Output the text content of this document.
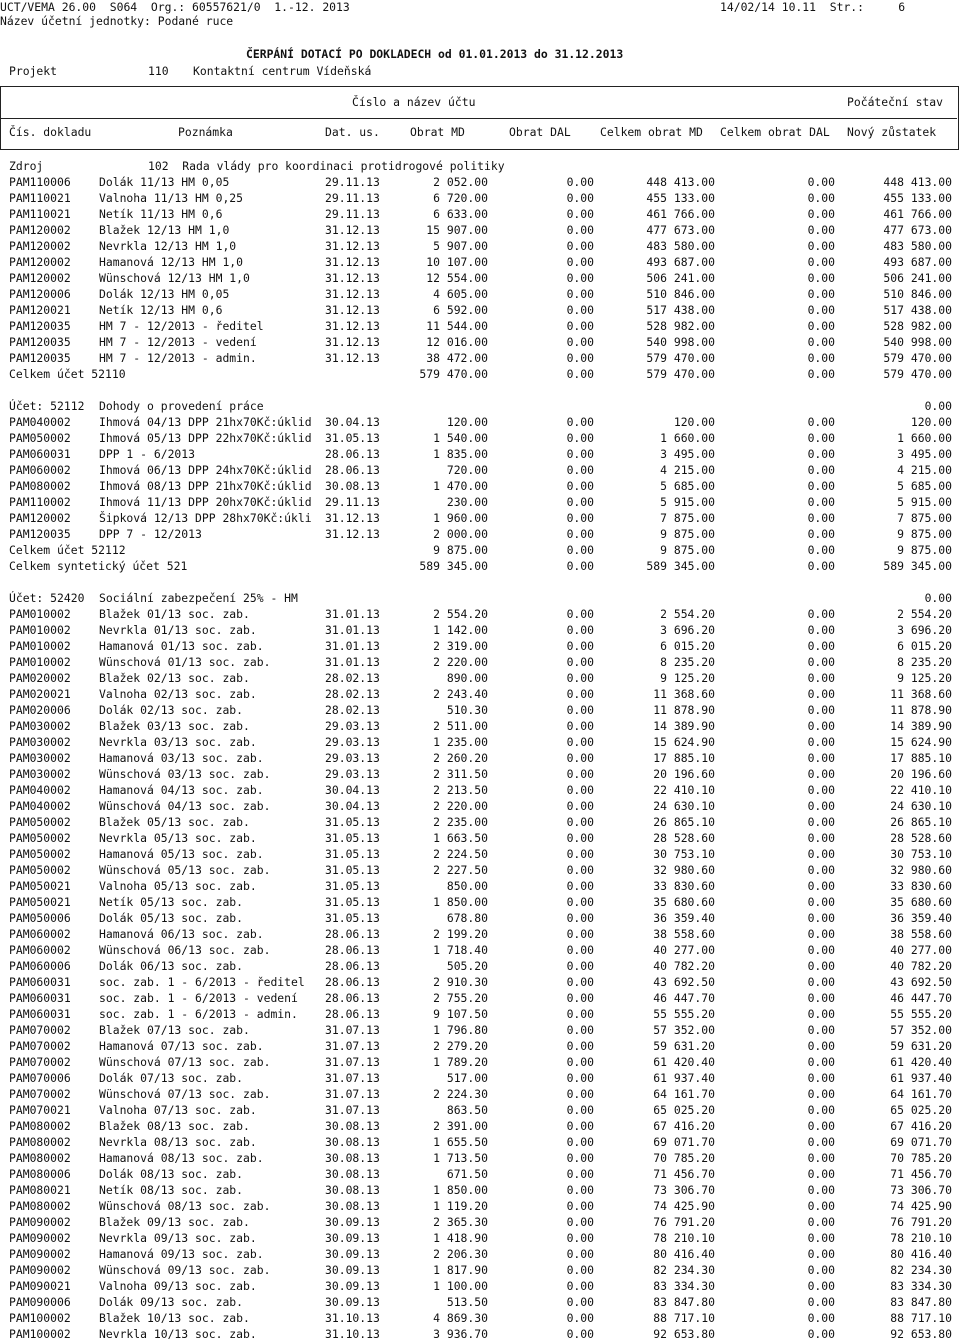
UCT/VEMA 26.00  S064  Org.: 60557621/0  1.-12. 2013	14/02/14 10.11  Str.:     6
Název účetní jednotky: Podané ruce
ČERPÁNÍ DOTACÍ PO DOKLADECH od 01.01.2013 do 31.12.2013
Projekt	110 Kontaktní centrum Vídeňská
Číslo a název účtu	Počáteční stav
Čís. dokladu	Poznámka	Dat. us.	Obrat MD	Obrat DAL	Celkem obrat MD Celkem obrat DAL Nový zůstatek
Zdroj	102  Rada vlády pro koordinaci protidrogové politiky
PAM110006 Dolák 11/13 HM 0,05	29.11.13	2 052.00	0.00	448 413.00	0.00	448 413.00
PAM110021 Valnoha 11/13 HM 0,25	29.11.13	6 720.00	0.00	455 133.00	0.00	455 133.00
PAM110021 Netík 11/13 HM 0,6	29.11.13	6 633.00	0.00	461 766.00	0.00	461 766.00
PAM120002 Blažek 12/13 HM 1,0	31.12.13	15 907.00	0.00	477 673.00	0.00	477 673.00
PAM120002 Nevrkla 12/13 HM 1,0	31.12.13	5 907.00	0.00	483 580.00	0.00	483 580.00
PAM120002 Hamanová 12/13 HM 1,0	31.12.13	10 107.00	0.00	493 687.00	0.00	493 687.00
PAM120002 Wünschová 12/13 HM 1,0	31.12.13	12 554.00	0.00	506 241.00	0.00	506 241.00
PAM120006 Dolák 12/13 HM 0,05	31.12.13	4 605.00	0.00	510 846.00	0.00	510 846.00
PAM120021 Netík 12/13 HM 0,6	31.12.13	6 592.00	0.00	517 438.00	0.00	517 438.00
PAM120035 HM 7 - 12/2013 - ředitel	31.12.13	11 544.00	0.00	528 982.00	0.00	528 982.00
PAM120035 HM 7 - 12/2013 - vedení	31.12.13	12 016.00	0.00	540 998.00	0.00	540 998.00
PAM120035 HM 7 - 12/2013 - admin.	31.12.13	38 472.00	0.00	579 470.00	0.00	579 470.00
Celkem účet 52110	579 470.00	0.00	579 470.00	0.00	579 470.00
Účet: 52112 Dohody o provedení práce	0.00
PAM040002 Ihmová 04/13 DPP 21hx70Kč:úklid 30.04.13	120.00	0.00	120.00	0.00	120.00
PAM050002 Ihmová 05/13 DPP 22hx70Kč:úklid 31.05.13	1 540.00	0.00	1 660.00	0.00	1 660.00
PAM060031 DPP 1 - 6/2013	28.06.13	1 835.00	0.00	3 495.00	0.00	3 495.00
PAM060002 Ihmová 06/13 DPP 24hx70Kč:úklid 28.06.13	720.00	0.00	4 215.00	0.00	4 215.00
PAM080002 Ihmová 08/13 DPP 21hx70Kč:úklid 30.08.13	1 470.00	0.00	5 685.00	0.00	5 685.00
PAM110002 Ihmová 11/13 DPP 20hx70Kč:úklid 29.11.13	230.00	0.00	5 915.00	0.00	5 915.00
PAM120002 Šipková 12/13 DPP 28hx70Kč:úkli 31.12.13	1 960.00	0.00	7 875.00	0.00	7 875.00
PAM120035 DPP 7 - 12/2013	31.12.13	2 000.00	0.00	9 875.00	0.00	9 875.00
Celkem účet 52112	9 875.00	0.00	9 875.00	0.00	9 875.00
Celkem syntetický účet 521	589 345.00	0.00	589 345.00	0.00	589 345.00
Účet: 52420 Sociální zabezpečení 25% - HM	0.00
PAM010002 Blažek 01/13 soc. zab.	31.01.13	2 554.20	0.00	2 554.20	0.00	2 554.20
PAM010002 Nevrkla 01/13 soc. zab.	31.01.13	1 142.00	0.00	3 696.20	0.00	3 696.20
PAM010002 Hamanová 01/13 soc. zab.	31.01.13	2 319.00	0.00	6 015.20	0.00	6 015.20
PAM010002 Wünschová 01/13 soc. zab.	31.01.13	2 220.00	0.00	8 235.20	0.00	8 235.20
PAM020002 Blažek 02/13 soc. zab.	28.02.13	890.00	0.00	9 125.20	0.00	9 125.20
PAM020021 Valnoha 02/13 soc. zab.	28.02.13	2 243.40	0.00	11 368.60	0.00	11 368.60
PAM020006 Dolák 02/13 soc. zab.	28.02.13	510.30	0.00	11 878.90	0.00	11 878.90
PAM030002 Blažek 03/13 soc. zab.	29.03.13	2 511.00	0.00	14 389.90	0.00	14 389.90
PAM030002 Nevrkla 03/13 soc. zab.	29.03.13	1 235.00	0.00	15 624.90	0.00	15 624.90
PAM030002 Hamanová 03/13 soc. zab.	29.03.13	2 260.20	0.00	17 885.10	0.00	17 885.10
PAM030002 Wünschová 03/13 soc. zab.	29.03.13	2 311.50	0.00	20 196.60	0.00	20 196.60
PAM040002 Hamanová 04/13 soc. zab.	30.04.13	2 213.50	0.00	22 410.10	0.00	22 410.10
PAM040002 Wünschová 04/13 soc. zab.	30.04.13	2 220.00	0.00	24 630.10	0.00	24 630.10
PAM050002 Blažek 05/13 soc. zab.	31.05.13	2 235.00	0.00	26 865.10	0.00	26 865.10
PAM050002 Nevrkla 05/13 soc. zab.	31.05.13	1 663.50	0.00	28 528.60	0.00	28 528.60
PAM050002 Hamanová 05/13 soc. zab.	31.05.13	2 224.50	0.00	30 753.10	0.00	30 753.10
PAM050002 Wünschová 05/13 soc. zab.	31.05.13	2 227.50	0.00	32 980.60	0.00	32 980.60
PAM050021 Valnoha 05/13 soc. zab.	31.05.13	850.00	0.00	33 830.60	0.00	33 830.60
PAM050021 Netík 05/13 soc. zab.	31.05.13	1 850.00	0.00	35 680.60	0.00	35 680.60
PAM050006 Dolák 05/13 soc. zab.	31.05.13	678.80	0.00	36 359.40	0.00	36 359.40
PAM060002 Hamanová 06/13 soc. zab.	28.06.13	2 199.20	0.00	38 558.60	0.00	38 558.60
PAM060002 Wünschová 06/13 soc. zab.	28.06.13	1 718.40	0.00	40 277.00	0.00	40 277.00
PAM060006 Dolák 06/13 soc. zab.	28.06.13	505.20	0.00	40 782.20	0.00	40 782.20
PAM060031 soc. zab. 1 - 6/2013 - ředitel 28.06.13	2 910.30	0.00	43 692.50	0.00	43 692.50
PAM060031 soc. zab. 1 - 6/2013 - vedení 28.06.13	2 755.20	0.00	46 447.70	0.00	46 447.70
PAM060031 soc. zab. 1 - 6/2013 - admin. 28.06.13	9 107.50	0.00	55 555.20	0.00	55 555.20
PAM070002 Blažek 07/13 soc. zab.	31.07.13	1 796.80	0.00	57 352.00	0.00	57 352.00
PAM070002 Hamanová 07/13 soc. zab.	31.07.13	2 279.20	0.00	59 631.20	0.00	59 631.20
PAM070002 Wünschová 07/13 soc. zab.	31.07.13	1 789.20	0.00	61 420.40	0.00	61 420.40
PAM070006 Dolák 07/13 soc. zab.	31.07.13	517.00	0.00	61 937.40	0.00	61 937.40
PAM070002 Wünschová 07/13 soc. zab.	31.07.13	2 224.30	0.00	64 161.70	0.00	64 161.70
PAM070021 Valnoha 07/13 soc. zab.	31.07.13	863.50	0.00	65 025.20	0.00	65 025.20
PAM080002 Blažek 08/13 soc. zab.	30.08.13	2 391.00	0.00	67 416.20	0.00	67 416.20
PAM080002 Nevrkla 08/13 soc. zab.	30.08.13	1 655.50	0.00	69 071.70	0.00	69 071.70
PAM080002 Hamanová 08/13 soc. zab.	30.08.13	1 713.50	0.00	70 785.20	0.00	70 785.20
PAM080006 Dolák 08/13 soc. zab.	30.08.13	671.50	0.00	71 456.70	0.00	71 456.70
PAM080021 Netík 08/13 soc. zab.	30.08.13	1 850.00	0.00	73 306.70	0.00	73 306.70
PAM080002 Wünschová 08/13 soc. zab.	30.08.13	1 119.20	0.00	74 425.90	0.00	74 425.90
PAM090002 Blažek 09/13 soc. zab.	30.09.13	2 365.30	0.00	76 791.20	0.00	76 791.20
PAM090002 Nevrkla 09/13 soc. zab.	30.09.13	1 418.90	0.00	78 210.10	0.00	78 210.10
PAM090002 Hamanová 09/13 soc. zab.	30.09.13	2 206.30	0.00	80 416.40	0.00	80 416.40
PAM090002 Wünschová 09/13 soc. zab.	30.09.13	1 817.90	0.00	82 234.30	0.00	82 234.30
PAM090021 Valnoha 09/13 soc. zab.	30.09.13	1 100.00	0.00	83 334.30	0.00	83 334.30
PAM090006 Dolák 09/13 soc. zab.	30.09.13	513.50	0.00	83 847.80	0.00	83 847.80
PAM100002 Blažek 10/13 soc. zab.	31.10.13	4 869.30	0.00	88 717.10	0.00	88 717.10
PAM100002 Nevrkla 10/13 soc. zab.	31.10.13	3 936.70	0.00	92 653.80	0.00	92 653.80
